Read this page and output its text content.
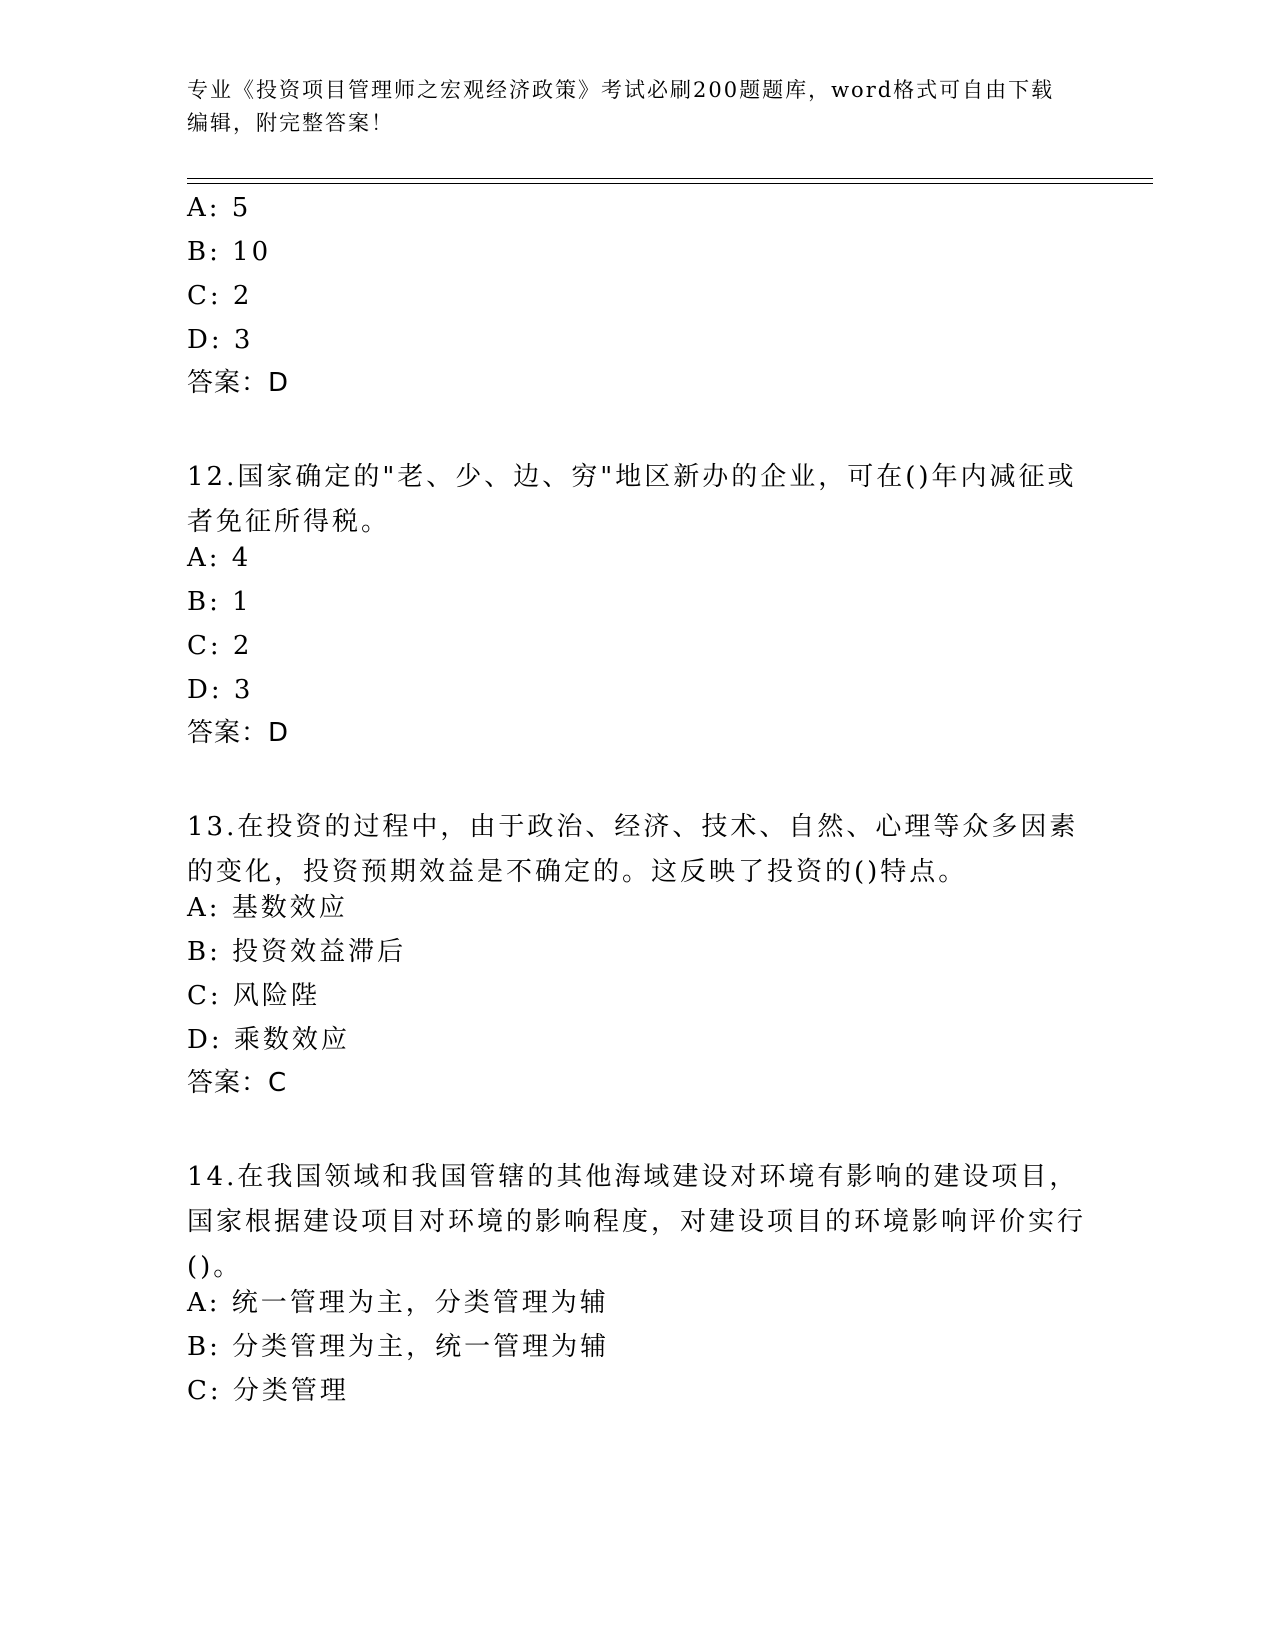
专业《投资项目管理师之宏观经济政策》考试必刷200题题库，word格式可自由下载编辑，附完整答案！
A: 5
B: 10
C: 2
D: 3
答案：D
12.国家确定的"老、少、边、穷"地区新办的企业，可在()年内减征或者免征所得税。
A: 4
B: 1
C: 2
D: 3
答案：D
13.在投资的过程中，由于政治、经济、技术、自然、心理等众多因素的变化，投资预期效益是不确定的。这反映了投资的()特点。
A: 基数效应
B: 投资效益滞后
C: 风险陛
D: 乘数效应
答案：C
14.在我国领域和我国管辖的其他海域建设对环境有影响的建设项目，国家根据建设项目对环境的影响程度，对建设项目的环境影响评价实行()。
A: 统一管理为主，分类管理为辅
B: 分类管理为主，统一管理为辅
C: 分类管理
